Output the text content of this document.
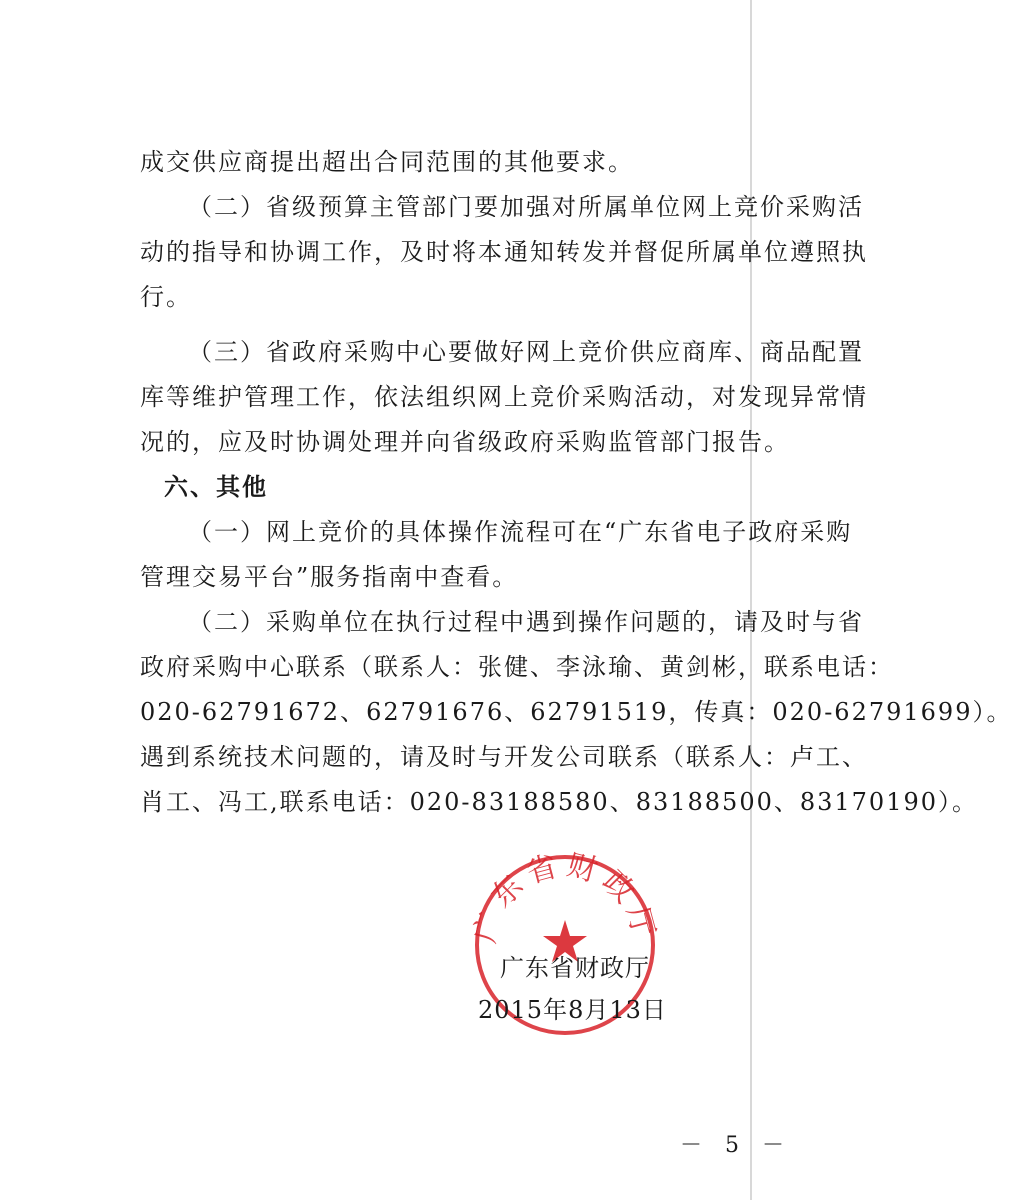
成交供应商提出超出合同范围的其他要求。
（二）省级预算主管部门要加强对所属单位网上竞价采购活
动的指导和协调工作，及时将本通知转发并督促所属单位遵照执
行。
（三）省政府采购中心要做好网上竞价供应商库、商品配置
库等维护管理工作，依法组织网上竞价采购活动，对发现异常情
况的，应及时协调处理并向省级政府采购监管部门报告。
六、其他
（一）网上竞价的具体操作流程可在“广东省电子政府采购
管理交易平台”服务指南中查看。
（二）采购单位在执行过程中遇到操作问题的，请及时与省
政府采购中心联系（联系人：张健、李泳瑜、黄剑彬，联系电话：
020-62791672、62791676、62791519，传真：020-62791699）。
遇到系统技术问题的，请及时与开发公司联系（联系人：卢工、
肖工、冯工,联系电话：020-83188580、83188500、83170190）。
广东省财政厅
广东省财政厅
2015年8月13日
－ 5 －
